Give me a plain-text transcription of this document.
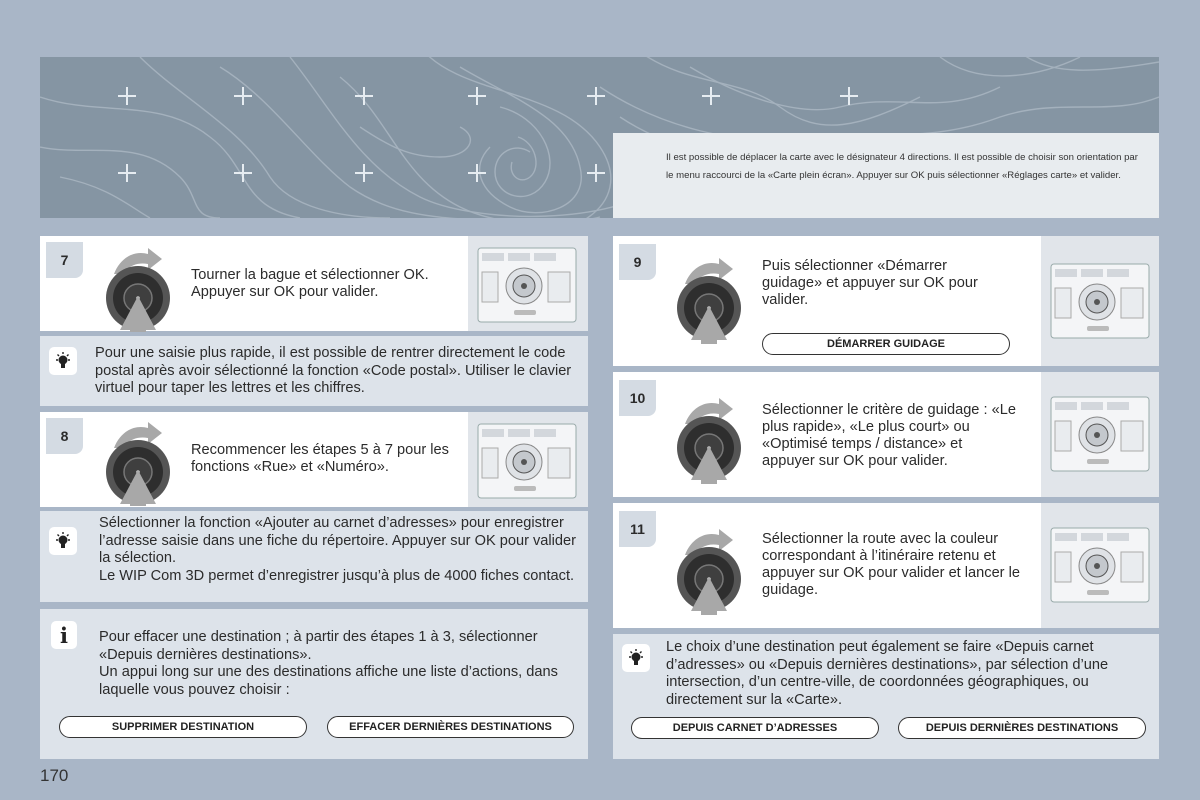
Il est possible de déplacer la carte avec le désignateur 4 directions. Il est possible de choisir son orientation par le menu raccourci de la «Carte plein écran». Appuyer sur OK puis sélectionner «Réglages carte» et valider.
7
Tourner la bague et sélectionner OK. Appuyer sur OK pour valider.
Pour une saisie plus rapide, il est possible de rentrer directement le code postal après avoir sélectionné la fonction «Code postal». Utiliser le clavier virtuel pour taper les lettres et les chiffres.
8
Recommencer les étapes 5 à 7 pour les fonctions «Rue» et «Numéro».
Sélectionner la fonction «Ajouter au carnet d’adresses» pour enregistrer l’adresse saisie dans une fiche du répertoire. Appuyer sur OK pour valider la sélection.
Le WIP Com 3D permet d’enregistrer jusqu’à plus de 4000 fiches contact.
i	Pour effacer une destination ; à partir des étapes 1 à 3, sélectionner «Depuis dernières destinations».
Un appui long sur une des destinations affiche une liste d’actions, dans laquelle vous pouvez choisir :
SUPPRIMER DESTINATION	EFFACER DERNIÈRES DESTINATIONS
9	Puis sélectionner «Démarrer guidage» et appuyer sur OK pour valider.
DÉMARRER GUIDAGE
10
Sélectionner le critère de guidage : «Le plus rapide», «Le plus court» ou «Optimisé temps / distance» et appuyer sur OK pour valider.
11
Sélectionner la route avec la couleur correspondant à l’itinéraire retenu et appuyer sur OK pour valider et lancer le guidage.
Le choix d’une destination peut également se faire «Depuis carnet d’adresses» ou «Depuis dernières destinations», par sélection d’une intersection, d’un centre-ville, de coordonnées géographiques, ou directement sur la «Carte».
DEPUIS CARNET D’ADRESSES	DEPUIS DERNIÈRES DESTINATIONS
170
